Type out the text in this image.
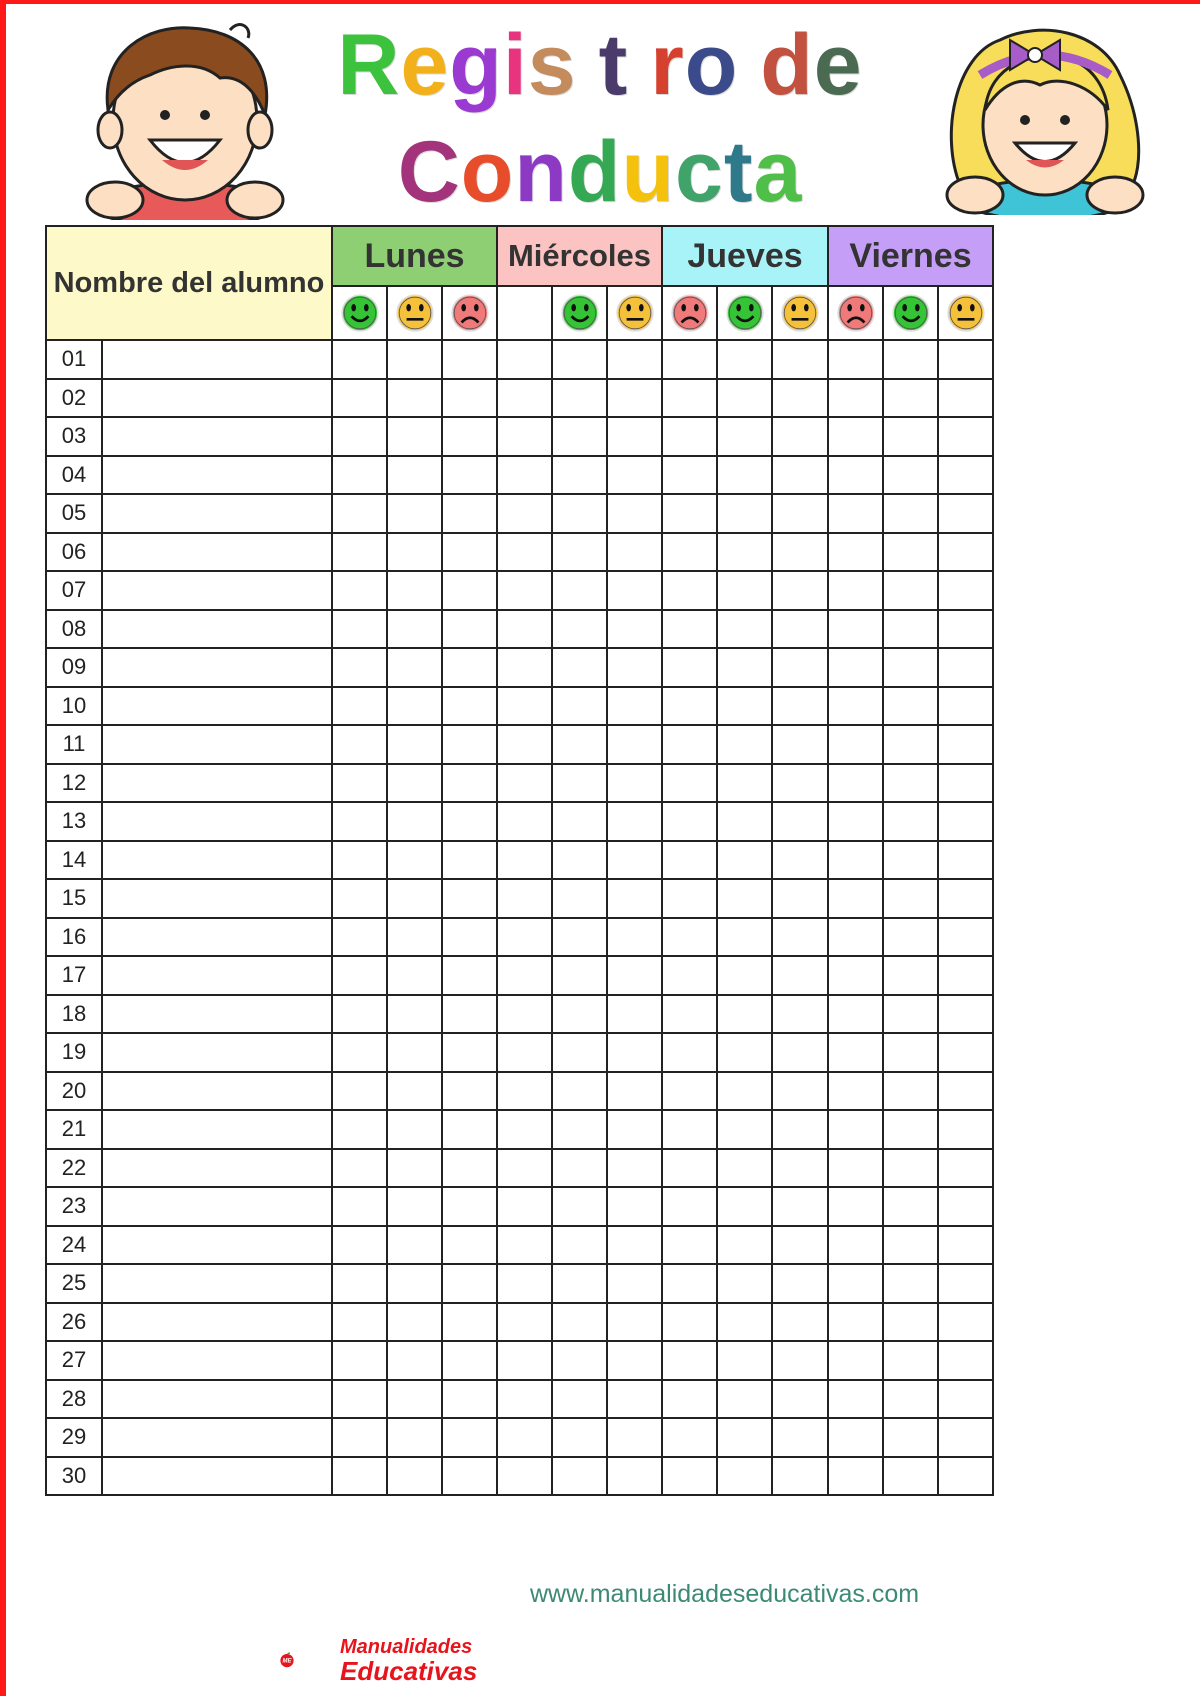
Regis t ro de
Conducta
Nombre del alumno		Lunes			Miércoles			Jueves			Viernes		

01													
02													
03													
04													
05													
06													
07													
08													
09													
10													
11													
12													
13													
14													
15													
16													
17													
18													
19													
20													
21													
22													
23													
24													
25													
26													
27													
28													
29													
30													
www.manualidadeseducativas.com
ME
Manualidades
Educativas
